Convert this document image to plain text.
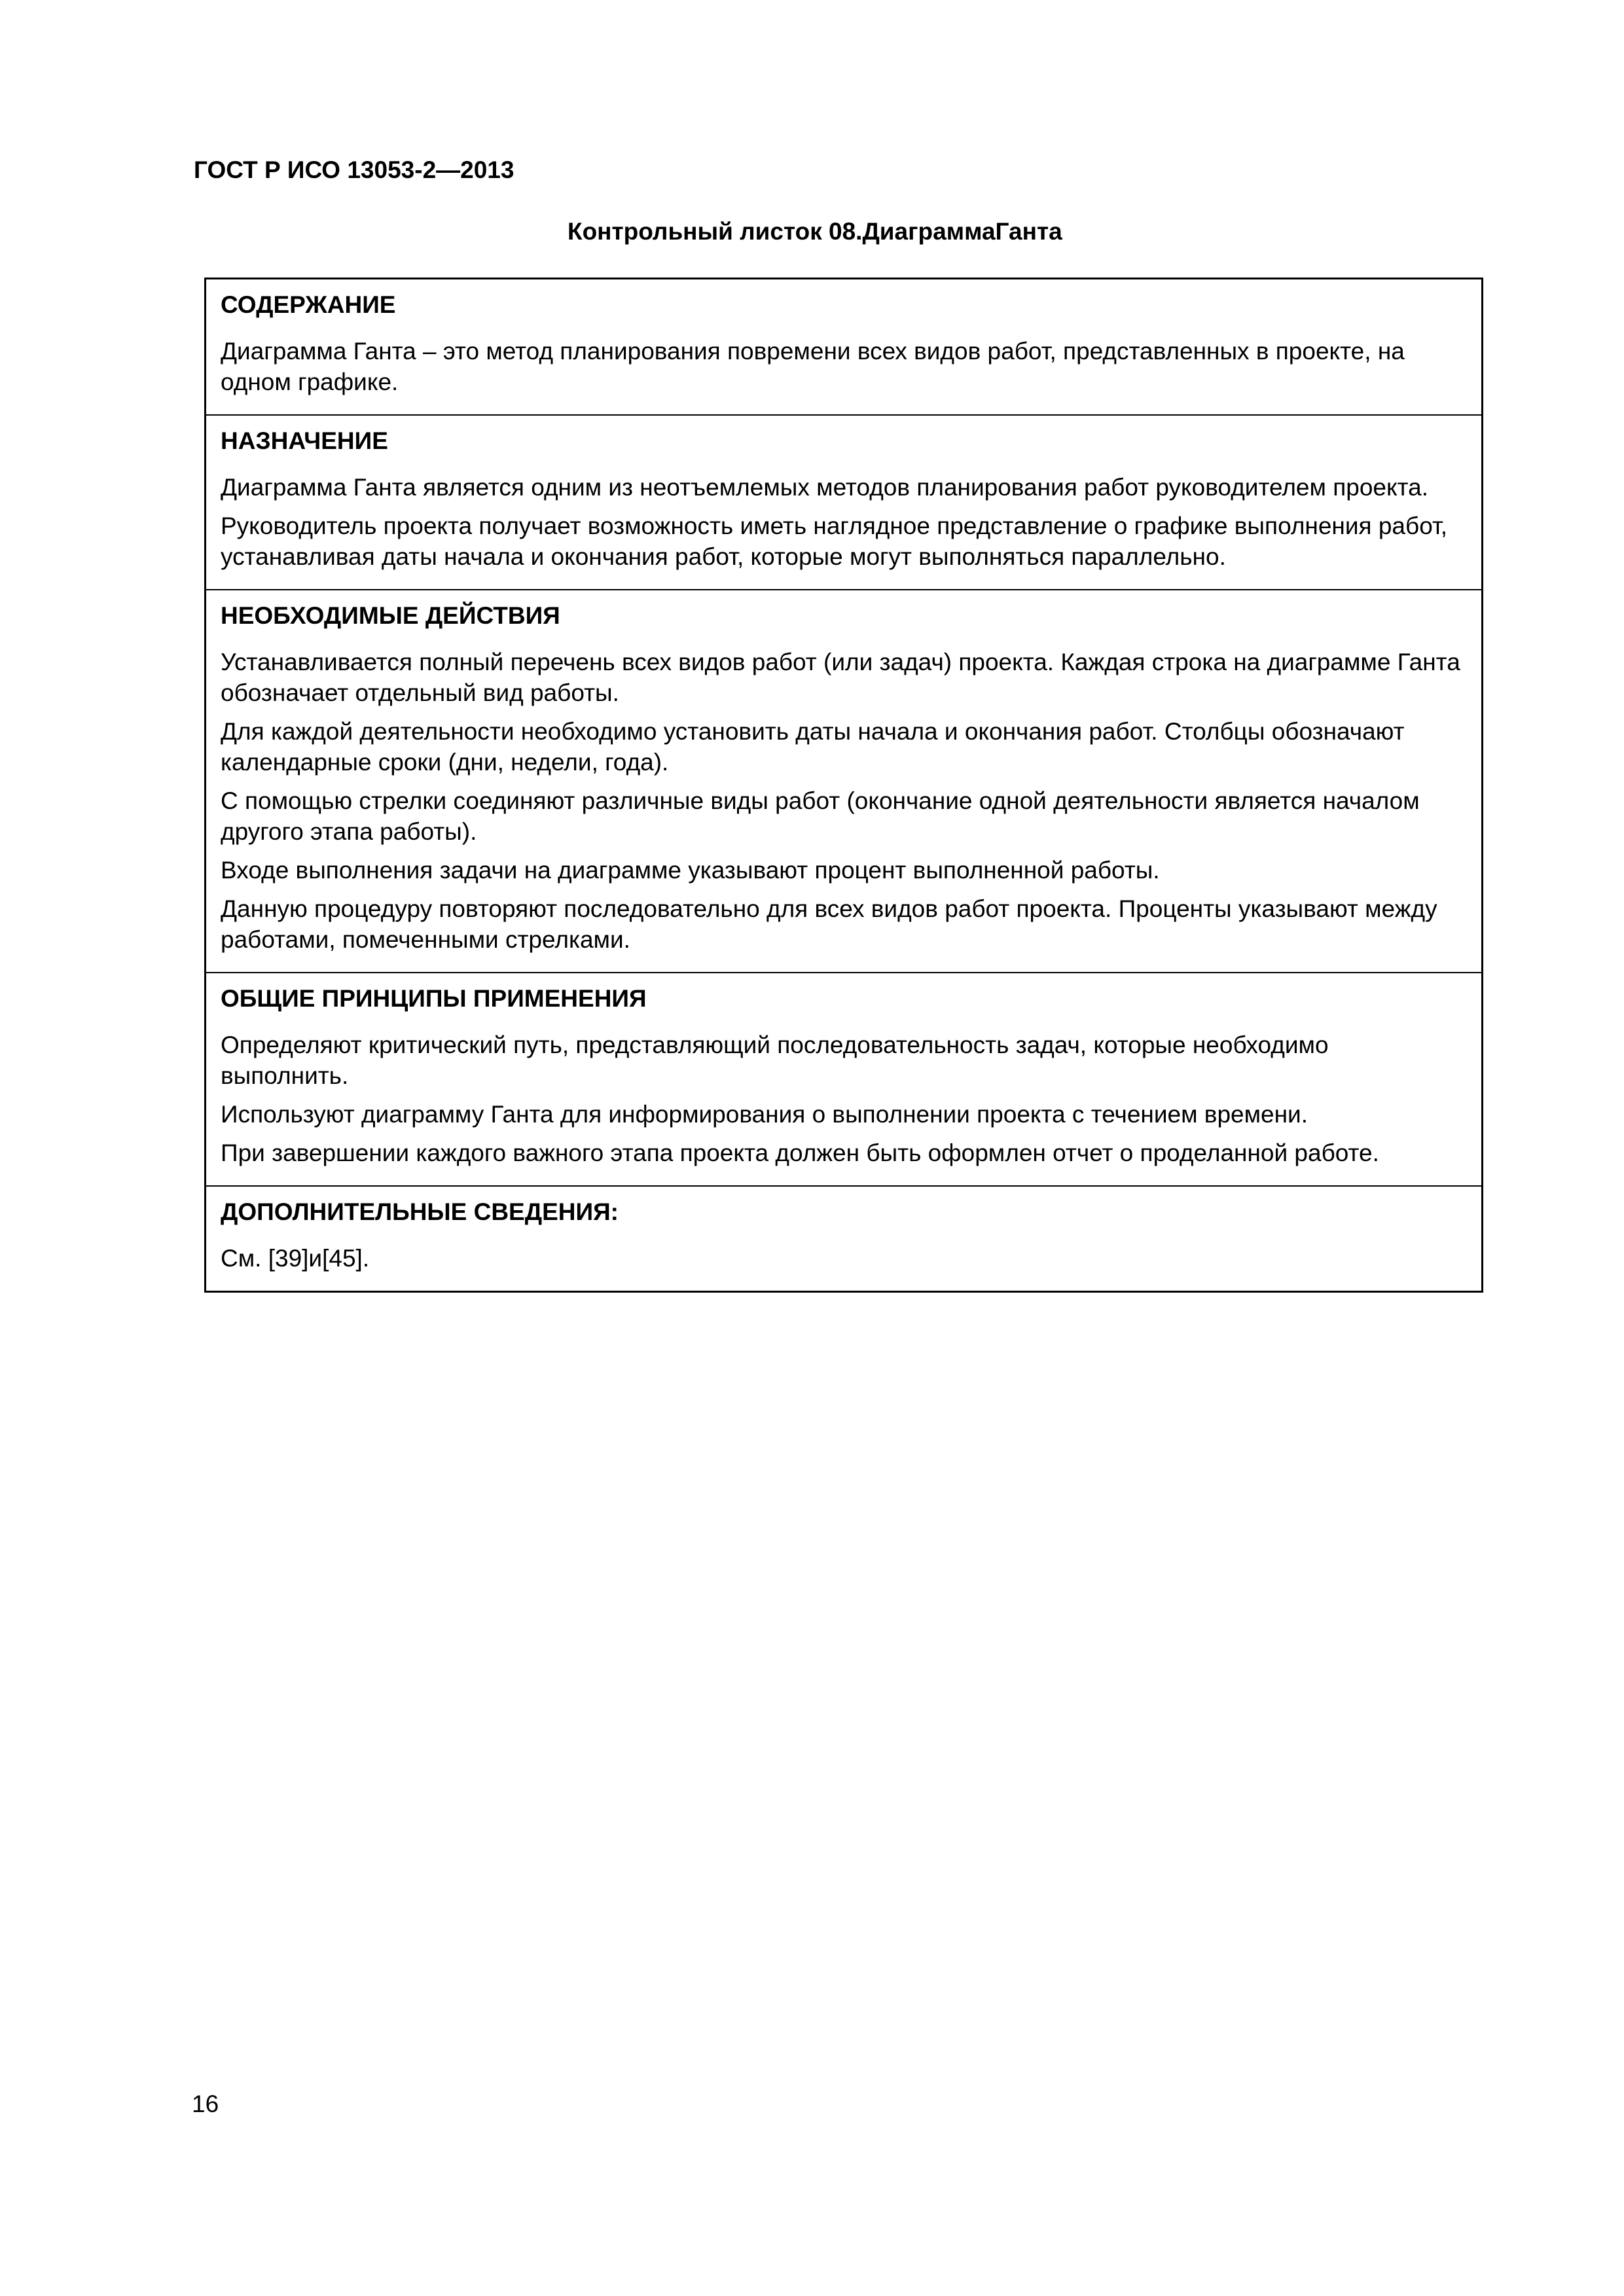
ГОСТ Р ИСО 13053-2—2013

Контрольный листок 08.ДиаграммаГанта

СОДЕРЖАНИЕ

Диаграмма Ганта – это метод планирования повремени всех видов работ, представленных в проекте, на одном графике.

НАЗНАЧЕНИЕ

Диаграмма Ганта является одним из неотъемлемых методов планирования работ руководителем проекта.

Руководитель проекта получает возможность иметь наглядное представление о графике выполнения работ, устанавливая даты начала и окончания работ, которые могут выполняться параллельно.

НЕОБХОДИМЫЕ ДЕЙСТВИЯ

Устанавливается полный перечень всех видов работ (или задач) проекта. Каждая строка на диаграмме Ганта обозначает отдельный вид работы.

Для каждой деятельности необходимо установить даты начала и окончания работ. Столбцы обозначают календарные сроки (дни, недели, года).

С помощью стрелки соединяют различные виды работ (окончание одной деятельности является началом другого этапа работы).

Входе выполнения задачи на диаграмме указывают процент выполненной работы.

Данную процедуру повторяют последовательно для всех видов работ проекта. Проценты указывают между работами, помеченными стрелками.

ОБЩИЕ ПРИНЦИПЫ ПРИМЕНЕНИЯ

Определяют критический путь, представляющий последовательность задач, которые необходимо выполнить.

Используют диаграмму Ганта для информирования о выполнении проекта с течением времени.

При завершении каждого важного этапа проекта должен быть оформлен отчет о проделанной работе.

ДОПОЛНИТЕЛЬНЫЕ СВЕДЕНИЯ:

См. [39]и[45].

16
